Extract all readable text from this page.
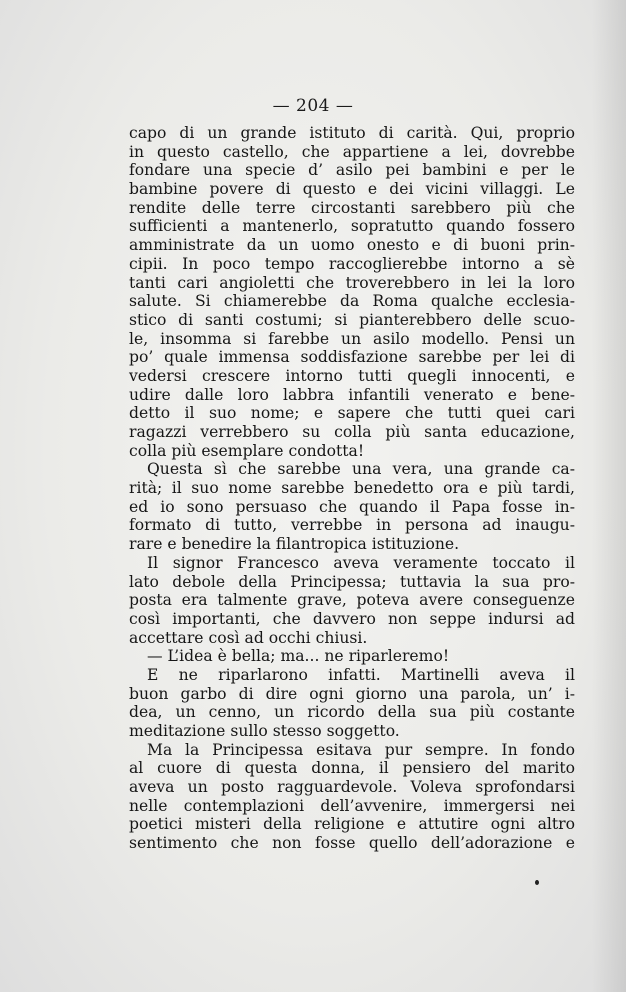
— 204 —
capo di un grande istituto di carità. Qui, proprio
in questo castello, che appartiene a lei, dovrebbe
fondare una specie d’ asilo pei bambini e per le
bambine povere di questo e dei vicini villaggi. Le
rendite delle terre circostanti sarebbero più che
sufficienti a mantenerlo, sopratutto quando fossero
amministrate da un uomo onesto e di buoni prin-
cipii. In poco tempo raccoglierebbe intorno a sè
tanti cari angioletti che troverebbero in lei la loro
salute. Si chiamerebbe da Roma qualche ecclesia-
stico di santi costumi; si pianterebbero delle scuo-
le, insomma si farebbe un asilo modello. Pensi un
po’ quale immensa soddisfazione sarebbe per lei di
vedersi crescere intorno tutti quegli innocenti, e
udire dalle loro labbra infantili venerato e bene-
detto il suo nome; e sapere che tutti quei cari
ragazzi verrebbero su colla più santa educazione,
colla più esemplare condotta!
Questa sì che sarebbe una vera, una grande ca-
rità; il suo nome sarebbe benedetto ora e più tardi,
ed io sono persuaso che quando il Papa fosse in-
formato di tutto, verrebbe in persona ad inaugu-
rare e benedire la filantropica istituzione.
Il signor Francesco aveva veramente toccato il
lato debole della Principessa; tuttavia la sua pro-
posta era talmente grave, poteva avere conseguenze
così importanti, che davvero non seppe indursi ad
accettare così ad occhi chiusi.
— L’idea è bella; ma... ne riparleremo!
E ne riparlarono infatti. Martinelli aveva il
buon garbo di dire ogni giorno una parola, un’ i-
dea, un cenno, un ricordo della sua più costante
meditazione sullo stesso soggetto.
Ma la Principessa esitava pur sempre. In fondo
al cuore di questa donna, il pensiero del marito
aveva un posto ragguardevole. Voleva sprofondarsi
nelle contemplazioni dell’avvenire, immergersi nei
poetici misteri della religione e attutire ogni altro
sentimento che non fosse quello dell’adorazione e
